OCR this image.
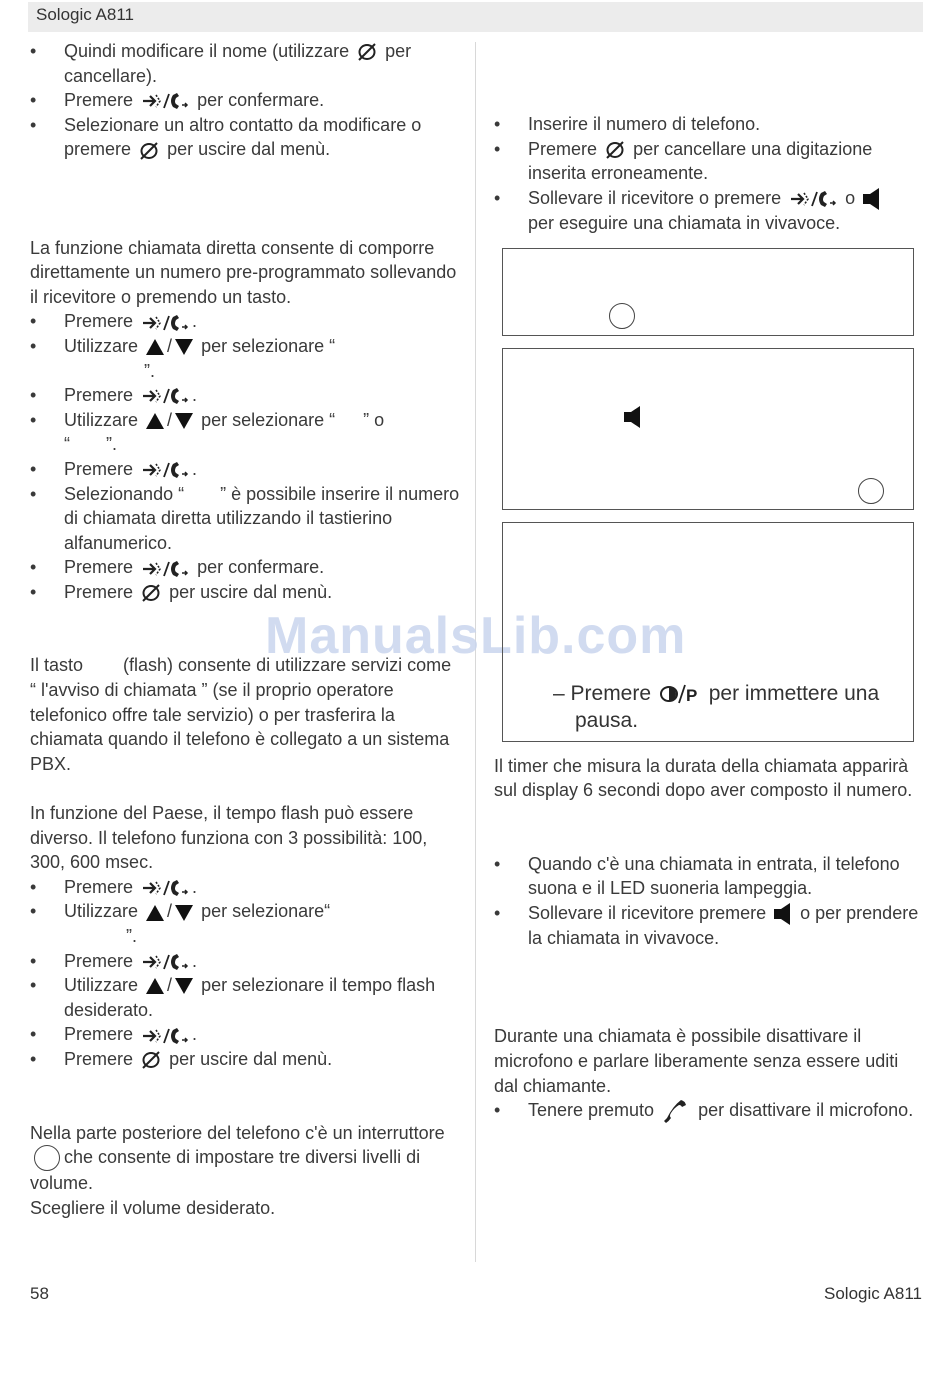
Sologic A811
ManualsLib.com

• Quindi modificare il nome (utilizzare per cancellare).

• Premere	per confermare.

• Selezionare un altro contatto da modificare o premere per uscire dal menù.

La funzione chiamata diretta consente di comporre direttamente un numero pre-programmato sollevando il ricevitore o premendo un tasto.

• Premere	.

• Utilizzare / per selezionare “
”.

• Premere	.

• Utilizzare / per selezionare “ ” o
“ ”.

• Premere	.

• Selezionando “ ” è possibile inserire il numero di chiamata diretta utilizzando il tastierino alfanumerico.

• Premere	per confermare.

• Premere per uscire dal menù.

Il tasto (flash) consente di utilizzare servizi come “ l'avviso di chiamata ” (se il proprio operatore telefonico offre tale servizio) o per trasferira la chiamata quando il telefono è collegato a un sistema PBX.

In funzione del Paese, il tempo flash può essere diverso. Il telefono funziona con 3 possibilità: 100, 300, 600 msec.

• Premere	.

• Utilizzare / per selezionare“
”.

• Premere	.

• Utilizzare / per selezionare il tempo flash desiderato.

• Premere	.

• Premere per uscire dal menù.

Nella parte posteriore del telefono c'è un interruttoreche consente di impostare tre diversi livelli di volume.

Scegliere il volume desiderato.

• Inserire il numero di telefono.

• Premere per cancellare una digitazione inserita erroneamente.

• Sollevare il ricevitore o premere	o

per eseguire una chiamata in vivavoce.

– Premere	per immettere una
pausa.

Il timer che misura la durata della chiamata apparirà sul display 6 secondi dopo aver composto il numero.

• Quando c'è una chiamata in entrata, il telefono suona e il LED suoneria lampeggia.

• Sollevare il ricevitore premere o per prendere la chiamata in vivavoce.

Durante una chiamata è possibile disattivare il microfono e parlare liberamente senza essere uditi dal chiamante.

• Tenere premuto per disattivare il microfono.

58	Sologic A811
